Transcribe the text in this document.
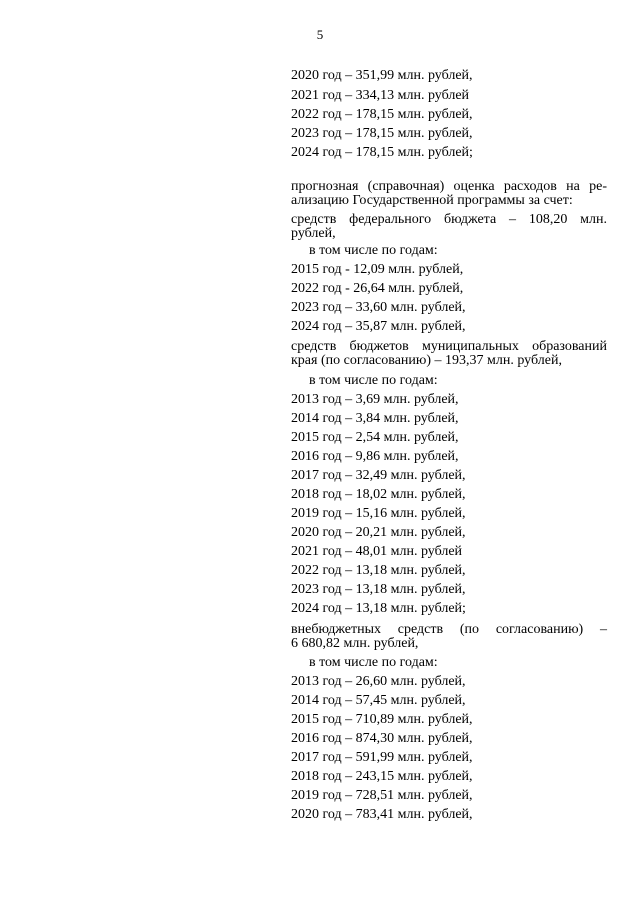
5
2020 год – 351,99 млн. рублей,
2021 год – 334,13 млн. рублей
2022 год – 178,15 млн. рублей,
2023 год – 178,15 млн. рублей,
2024 год – 178,15 млн. рублей;
прогнозная (справочная) оценка расходов на ре-
ализацию Государственной программы за счет:
средств федерального бюджета – 108,20 млн.
рублей,
в том числе по годам:
2015 год - 12,09 млн. рублей,
2022 год - 26,64 млн. рублей,
2023 год – 33,60 млн. рублей,
2024 год – 35,87 млн. рублей,
средств бюджетов муниципальных образований
края (по согласованию) – 193,37 млн. рублей,
в том числе по годам:
2013 год – 3,69 млн. рублей,
2014 год – 3,84 млн. рублей,
2015 год – 2,54 млн. рублей,
2016 год – 9,86 млн. рублей,
2017 год – 32,49 млн. рублей,
2018 год – 18,02 млн. рублей,
2019 год – 15,16 млн. рублей,
2020 год – 20,21 млн. рублей,
2021 год – 48,01 млн. рублей
2022 год – 13,18 млн. рублей,
2023 год – 13,18 млн. рублей,
2024 год – 13,18 млн. рублей;
внебюджетных средств (по согласованию) –
6 680,82 млн. рублей,
в том числе по годам:
2013 год – 26,60 млн. рублей,
2014 год – 57,45 млн. рублей,
2015 год – 710,89 млн. рублей,
2016 год – 874,30 млн. рублей,
2017 год – 591,99 млн. рублей,
2018 год – 243,15 млн. рублей,
2019 год – 728,51 млн. рублей,
2020 год – 783,41 млн. рублей,
